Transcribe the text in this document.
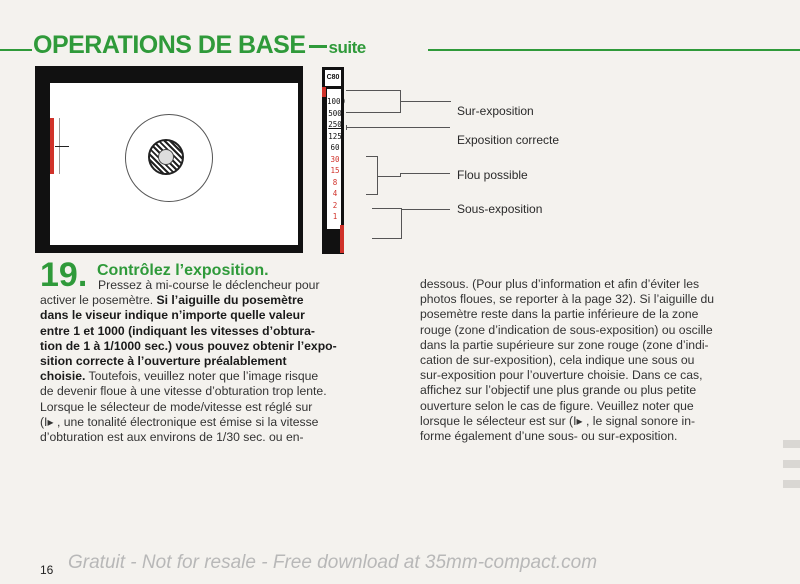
OPERATIONS DE BASE suite
C80
1000
500
250
125
60
30
15
8
4
2
1
Sur-exposition
Exposition correcte
Flou possible
Sous-exposition
19. Contrôlez l’exposition.
Pressez à mi-course le déclencheur pour
activer le posemètre. Si l’aiguille du posemètre
dans le viseur indique n’importe quelle valeur
entre 1 et 1000 (indiquant les vitesses d’obtura-
tion de 1 à 1/1000 sec.) vous pouvez obtenir l’expo-
sition correcte à l’ouverture préalablement
choisie. Toutefois, veuillez noter que l’image risque
de devenir floue à une vitesse d’obturation trop lente.
Lorsque le sélecteur de mode/vitesse est réglé sur
(I▸ , une tonalité électronique est émise si la vitesse
d’obturation est aux environs de 1/30 sec. ou en-
dessous. (Pour plus d’information et afin d’éviter les
photos floues, se reporter à la page 32). Si l’aiguille du
posemètre reste dans la partie inférieure de la zone
rouge (zone d’indication de sous-exposition) ou oscille
dans la partie supérieure sur zone rouge (zone d’indi-
cation de sur-exposition), cela indique une sous ou
sur-exposition pour l’ouverture choisie. Dans ce cas,
affichez sur l’objectif une plus grande ou plus petite
ouverture selon le cas de figure. Veuillez noter que
lorsque le sélecteur est sur (I▸ , le signal sonore in-
forme également d’une sous- ou sur-exposition.
16 Gratuit - Not for resale - Free download at 35mm-compact.com
